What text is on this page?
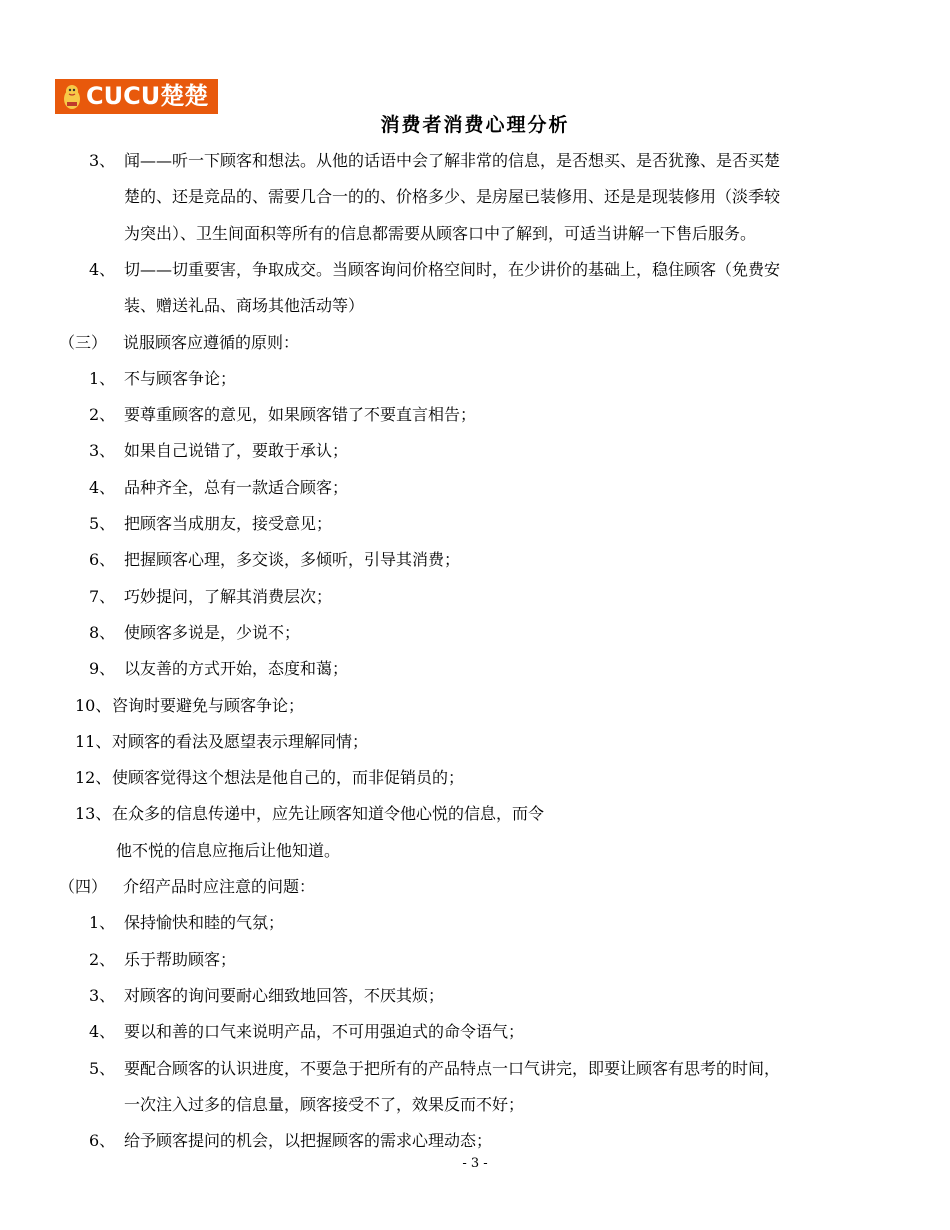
CUCU楚楚
消费者消费心理分析
3、 闻——听一下顾客和想法。从他的话语中会了解非常的信息，是否想买、是否犹豫、是否买楚
楚的、还是竞品的、需要几合一的的、价格多少、是房屋已装修用、还是是现装修用（淡季较
为突出）、卫生间面积等所有的信息都需要从顾客口中了解到，可适当讲解一下售后服务。
4、 切——切重要害，争取成交。当顾客询问价格空间时，在少讲价的基础上，稳住顾客（免费安
装、赠送礼品、商场其他活动等）
（三） 说服顾客应遵循的原则：
1、 不与顾客争论；
2、 要尊重顾客的意见，如果顾客错了不要直言相告；
3、 如果自己说错了，要敢于承认；
4、 品种齐全，总有一款适合顾客；
5、 把顾客当成朋友，接受意见；
6、 把握顾客心理，多交谈，多倾听，引导其消费；
7、 巧妙提问，了解其消费层次；
8、 使顾客多说是，少说不；
9、 以友善的方式开始，态度和蔼；
10、 咨询时要避免与顾客争论；
11、 对顾客的看法及愿望表示理解同情；
12、 使顾客觉得这个想法是他自己的，而非促销员的；
13、 在众多的信息传递中，应先让顾客知道令他心悦的信息，而令
他不悦的信息应拖后让他知道。
（四） 介绍产品时应注意的问题：
1、 保持愉快和睦的气氛；
2、 乐于帮助顾客；
3、 对顾客的询问要耐心细致地回答，不厌其烦；
4、 要以和善的口气来说明产品，不可用强迫式的命令语气；
5、 要配合顾客的认识进度，不要急于把所有的产品特点一口气讲完，即要让顾客有思考的时间，
一次注入过多的信息量，顾客接受不了，效果反而不好；
6、 给予顾客提问的机会，以把握顾客的需求心理动态；
- 3 -
